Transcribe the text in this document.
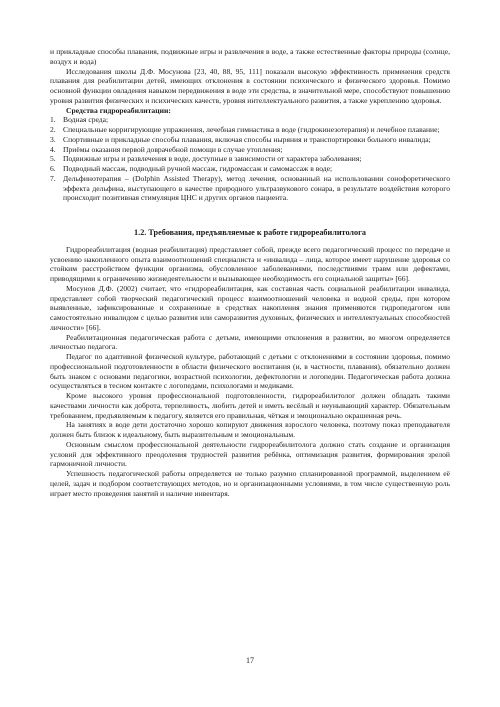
и прикладные способы плавания, подвижные игры и развлечения в воде, а также естественные факторы природы (солнце, воздух и вода)

Исследования школы Д.Ф. Мосунова [23, 40, 88, 95, 111] показали высокую эффективность применения средств плавания для реабилитации детей, имеющих отклонения в состоянии психического и физического здоровья. Помимо основной функции овладения навыком передвижения в воде эти средства, в значительной мере, способствуют повышению уровня развития физических и психических качеств, уровня интеллектуального развития, а также укреплению здоровья.

Средства гидрореабилитации:

1. Водная среда;
2. Специальные корригирующие упражнения, лечебная гимнастика в воде (гидрокинезотерапия) и лечебное плавание;
3. Спортивные и прикладные способы плавания, включая способы ныряния и транспортировки больного инвалида;
4. Приёмы оказания первой доврачебной помощи в случае утопления;
5. Подвижные игры и развлечения в воде, доступные в зависимости от характера заболевания;
6. Подводный массаж, подводный ручной массаж, гидромассаж и самомассаж в воде;
7. Дельфинотерапия – (Dolphin Assisted Therapy), метод лечения, основанный на использовании сонофоретического эффекта дельфина, выступающего в качестве природного ультразвукового сонара, в результате воздействия которого происходит позитивная стимуляция ЦНС и других органов пациента.
1.2. Требования, предъявляемые к работе гидрореабилитолога

Гидрореабилитация (водная реабилитация) представляет собой, прежде всего педагогический процесс по передаче и усвоению накопленного опыта взаимоотношений специалиста и «инвалида – лица, которое имеет нарушение здоровья со стойким расстройством функции организма, обусловленное заболеваниями, последствиями травм или дефектами, приводящими к ограничению жизнедеятельности и вызывающее необходимость его социальной защиты» [66].

Мосунов Д.Ф. (2002) считает, что «гидрореабилитация, как составная часть социальной реабилитации инвалида, представляет собой творческий педагогический процесс взаимоотношений человека и водной среды, при котором выявленные, зафиксированные и сохраненные в средствах накопления знания применяются гидропедагогом или самостоятельно инвалидом с целью развития или саморазвития духовных, физических и интеллектуальных способностей личности» [66].

Реабилитационная педагогическая работа с детьми, имеющими отклонения в развитии, во многом определяется личностью педагога.

Педагог по адаптивной физической культуре, работающий с детьми с отклонениями в состоянии здоровья, помимо профессиональной подготовленности в области физического воспитания (и, в частности, плавания), обязательно должен быть знаком с основами педагогики, возрастной психологии, дефектологии и логопедии. Педагогическая работа должна осуществляться в тесном контакте с логопедами, психологами и медиками.

Кроме высокого уровня профессиональной подготовленности, гидрореабилитолог должен обладать такими качествами личности как доброта, терпеливость, любить детей и иметь весёлый и неунывающий характер. Обязательным требованием, предъявляемым к педагогу, является его правильная, чёткая и эмоционально окрашенная речь.

На занятиях в воде дети достаточно хорошо копируют движения взрослого человека, поэтому показ преподавателя должен быть близок к идеальному, быть выразительным и эмоциональным.

Основным смыслом профессиональной деятельности гидрореабилитолога должно стать создание и организация условий для эффективного преодоления трудностей развития ребёнка, оптимизация развития, формирования зрелой гармоничной личности.

Успешность педагогической работы определяется не только разумно спланированной программой, выделением её целей, задач и подбором соответствующих методов, но и организационными условиями, в том числе существенную роль играет место проведения занятий и наличие инвентаря.

17
